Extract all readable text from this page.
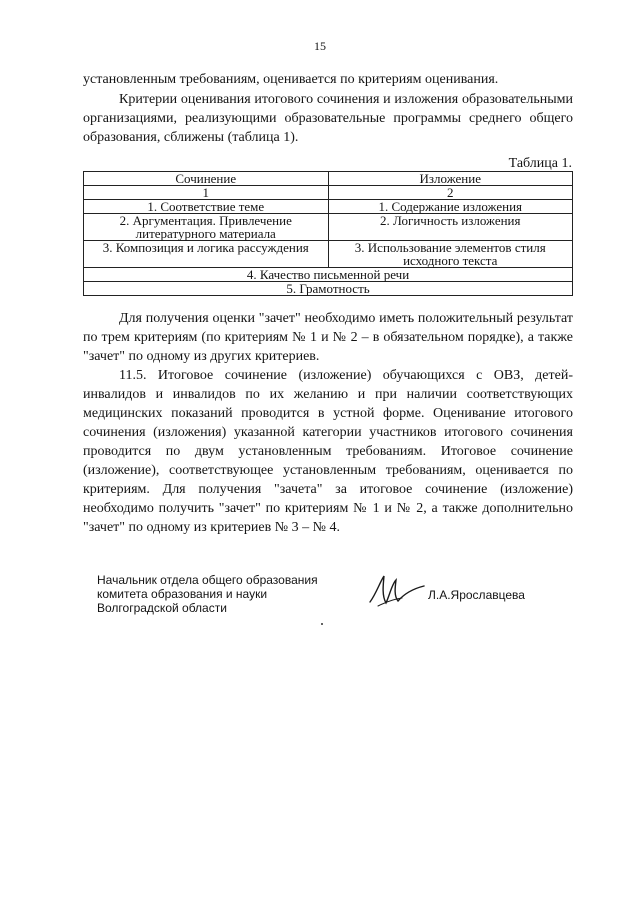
15

установленным требованиям, оценивается по критериям оценивания.

Критерии оценивания итогового сочинения и изложения образовательными организациями, реализующими образовательные программы среднего общего образования, сближены (таблица 1).

Таблица 1.
Сочинение	Изложение
1	2
1. Соответствие теме	1. Содержание изложения
2. Аргументация. Привлечение литературного материала	2. Логичность изложения
3. Композиция и логика рассуждения	3. Использование элементов стиля исходного текста
4. Качество письменной речи	
5. Грамотность	

Для получения оценки "зачет" необходимо иметь положительный результат по трем критериям (по критериям № 1 и № 2 – в обязательном порядке), а также "зачет" по одному из других критериев.

11.5. Итоговое сочинение (изложение) обучающихся с ОВЗ, детей-инвалидов и инвалидов по их желанию и при наличии соответствующих медицинских показаний проводится в устной форме. Оценивание итогового сочинения (изложения) указанной категории участников итогового сочинения проводится по двум установленным требованиям. Итоговое сочинение (изложение), соответствующее установленным требованиям, оценивается по критериям. Для получения "зачета" за итоговое сочинение (изложение) необходимо получить "зачет" по критериям № 1 и № 2, а также дополнительно "зачет" по одному из критериев № 3 – № 4.

Начальник отдела общего образования
комитета образования и науки
Волгоградской области
Л.А.Ярославцева
